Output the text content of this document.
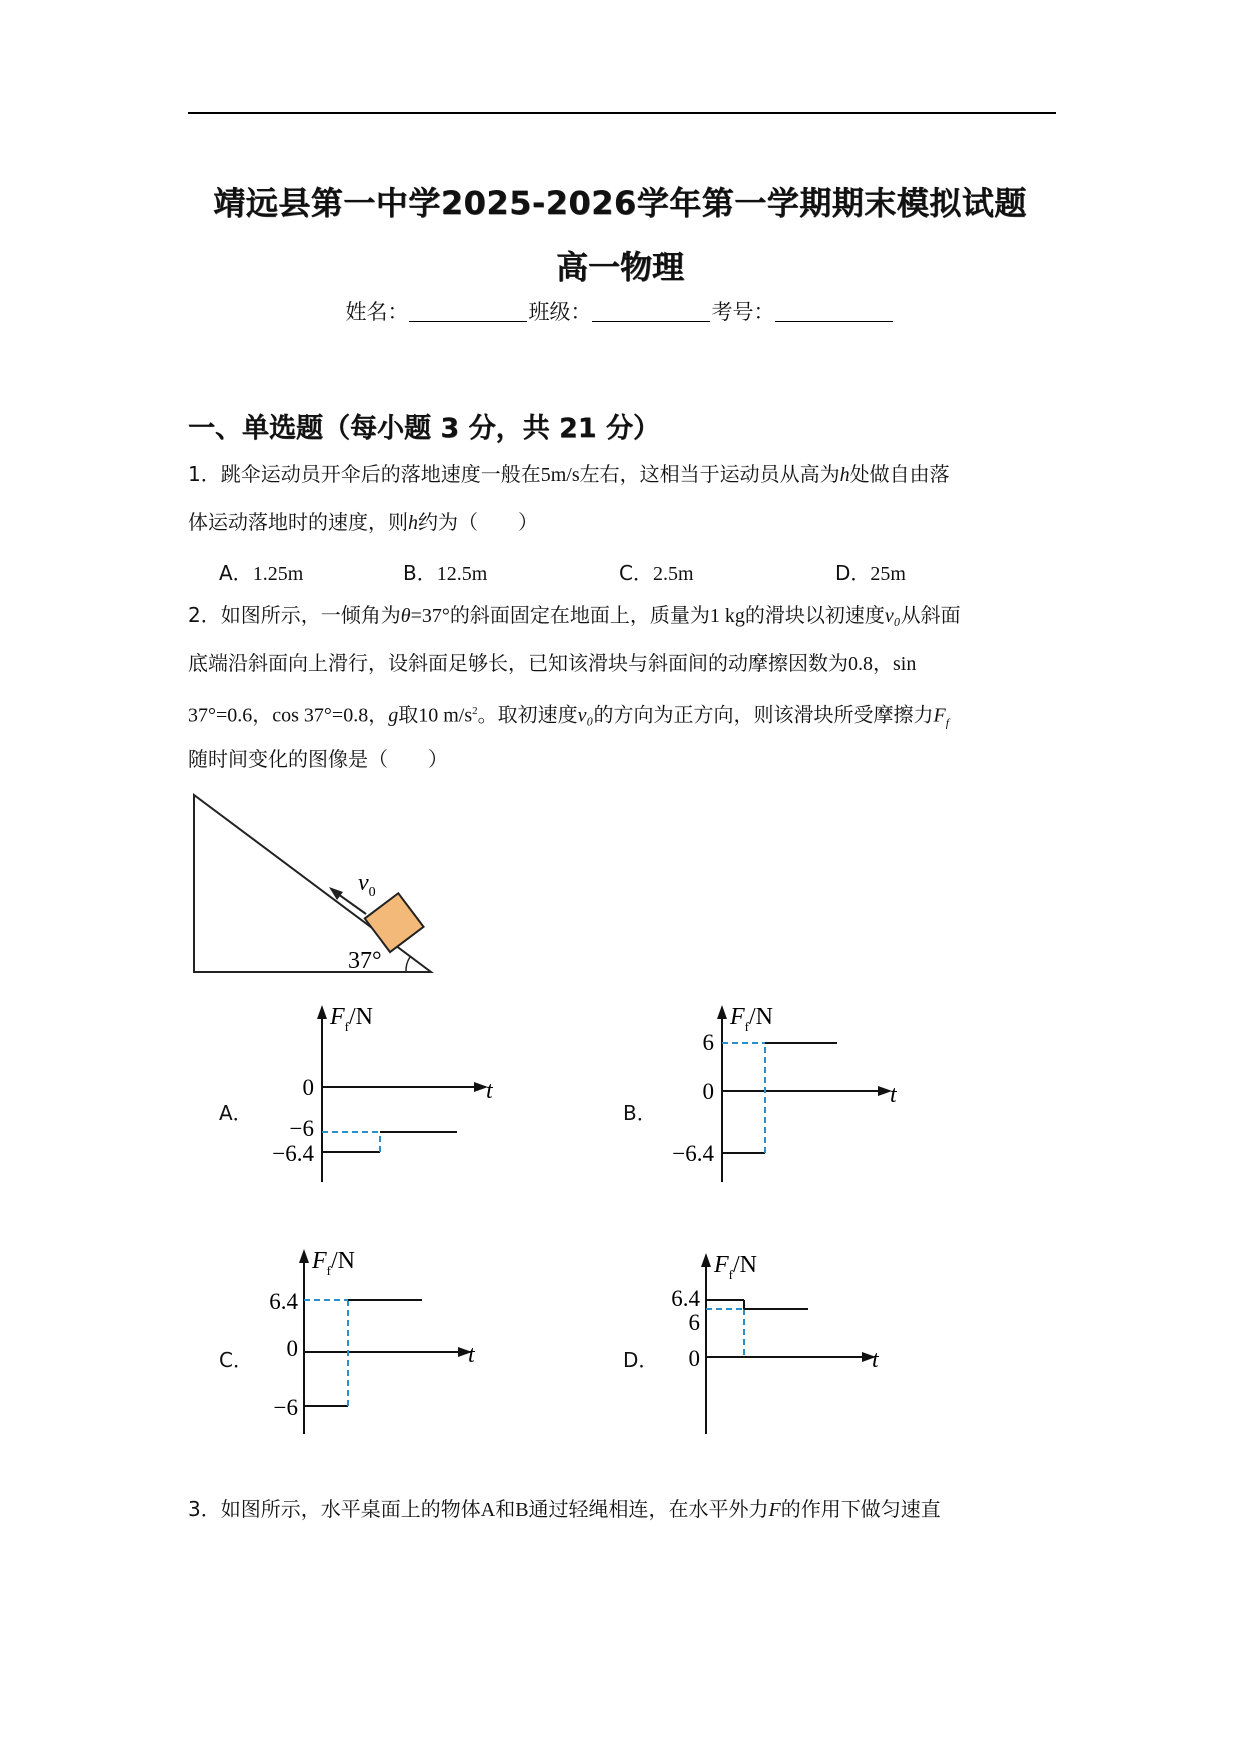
靖远县第一中学2025-2026学年第一学期期末模拟试题
高一物理
姓名：	班级：	考号：
一、单选题（每小题 3 分，共 21 分）
1．跳伞运动员开伞后的落地速度一般在5m/s左右，这相当于运动员从高为h处做自由落
体运动落地时的速度，则h约为（　　）
A．1.25m	B．12.5m	C．2.5m	D．25m
2．如图所示，一倾角为θ=37°的斜面固定在地面上，质量为1 kg的滑块以初速度v₀从斜面
底端沿斜面向上滑行，设斜面足够长，已知该滑块与斜面间的动摩擦因数为0.8，sin
37°=0.6，cos 37°=0.8，g取10 $m/s^2$。取初速度v₀的方向为正方向，则该滑块所受摩擦力$F_f$
随时间变化的图像是（　　）
$v_0$
37°
A．
$F_f/N$
t
0
−6
−6.4
B．
$F_f/N$
t
6
0
−6.4
C．
$F_f/N$
t
6.4
0
−6
D．
$F_f/N$
t
6.4
6
0
3．如图所示，水平桌面上的物体A和B通过轻绳相连，在水平外力F的作用下做匀速直
